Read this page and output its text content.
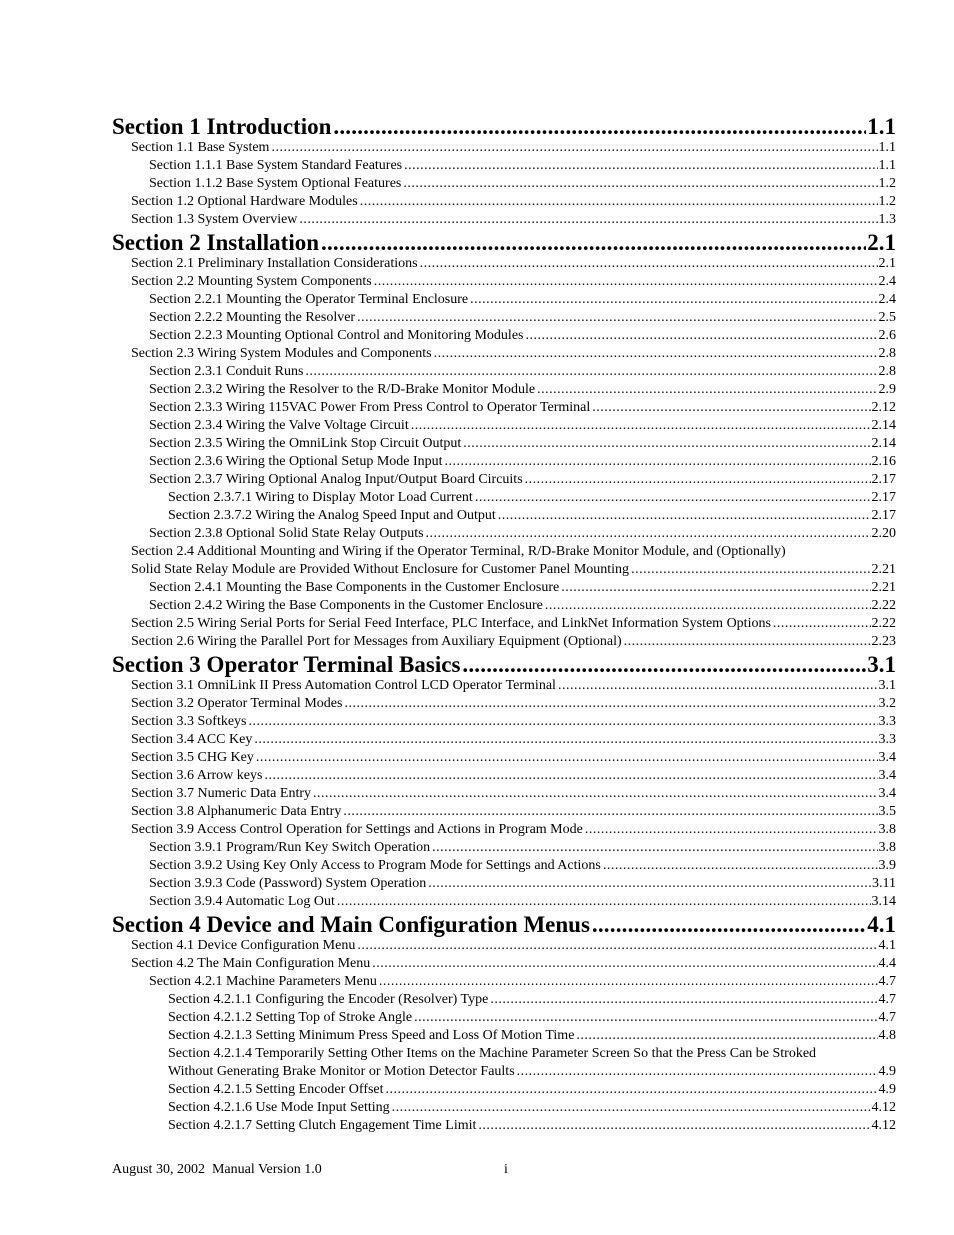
Section 1 Introduction .....	1.1
Section 1.1 Base System .....	1.1
Section 1.1.1 Base System Standard Features .....	1.1
Section 1.1.2 Base System Optional Features .....	1.2
Section 1.2 Optional Hardware Modules .....	1.2
Section 1.3 System Overview .....	1.3
Section 2 Installation .....	2.1
Section 2.1 Preliminary Installation Considerations .....	2.1
Section 2.2 Mounting System Components .....	2.4
Section 2.2.1 Mounting the Operator Terminal Enclosure .....	2.4
Section 2.2.2 Mounting the Resolver .....	2.5
Section 2.2.3 Mounting Optional Control and Monitoring Modules .....	2.6
Section 2.3 Wiring System Modules and Components .....	2.8
Section 2.3.1 Conduit Runs .....	2.8
Section 2.3.2 Wiring the Resolver to the R/D-Brake Monitor Module .....	2.9
Section 2.3.3 Wiring 115VAC Power From Press Control to Operator Terminal .....	2.12
Section 2.3.4 Wiring the Valve Voltage Circuit .....	2.14
Section 2.3.5 Wiring the OmniLink Stop Circuit Output .....	2.14
Section 2.3.6 Wiring the Optional Setup Mode Input .....	2.16
Section 2.3.7 Wiring Optional Analog Input/Output Board Circuits .....	2.17
Section 2.3.7.1 Wiring to Display Motor Load Current .....	2.17
Section 2.3.7.2 Wiring the Analog Speed Input and Output .....	2.17
Section 2.3.8 Optional Solid State Relay Outputs .....	2.20
Section 2.4 Additional Mounting and Wiring if the Operator Terminal, R/D-Brake Monitor Module, and (Optionally)
Solid State Relay Module are Provided Without Enclosure for Customer Panel Mounting .....	2.21
Section 2.4.1 Mounting the Base Components in the Customer Enclosure .....	2.21
Section 2.4.2 Wiring the Base Components in the Customer Enclosure .....	2.22
Section 2.5 Wiring Serial Ports for Serial Feed Interface, PLC Interface, and LinkNet Information System Options .....	2.22
Section 2.6 Wiring the Parallel Port for Messages from Auxiliary Equipment (Optional) .....	2.23
Section 3 Operator Terminal Basics .....	3.1
Section 3.1 OmniLink II Press Automation Control LCD Operator Terminal .....	3.1
Section 3.2 Operator Terminal Modes .....	3.2
Section 3.3 Softkeys .....	3.3
Section 3.4 ACC Key .....	3.3
Section 3.5 CHG Key .....	3.4
Section 3.6 Arrow keys .....	3.4
Section 3.7 Numeric Data Entry .....	3.4
Section 3.8 Alphanumeric Data Entry .....	3.5
Section 3.9 Access Control Operation for Settings and Actions in Program Mode .....	3.8
Section 3.9.1 Program/Run Key Switch Operation .....	3.8
Section 3.9.2 Using Key Only Access to Program Mode for Settings and Actions .....	3.9
Section 3.9.3 Code (Password) System Operation .....	3.11
Section 3.9.4 Automatic Log Out .....	3.14
Section 4 Device and Main Configuration Menus .....	4.1
Section 4.1 Device Configuration Menu .....	4.1
Section 4.2 The Main Configuration Menu .....	4.4
Section 4.2.1 Machine Parameters Menu .....	4.7
Section 4.2.1.1 Configuring the Encoder (Resolver) Type .....	4.7
Section 4.2.1.2 Setting Top of Stroke Angle .....	4.7
Section 4.2.1.3 Setting Minimum Press Speed and Loss Of Motion Time .....	4.8
Section 4.2.1.4 Temporarily Setting Other Items on the Machine Parameter Screen So that the Press Can be Stroked
Without Generating Brake Monitor or Motion Detector Faults .....	4.9
Section 4.2.1.5 Setting Encoder Offset .....	4.9
Section 4.2.1.6 Use Mode Input Setting .....	4.12
Section 4.2.1.7 Setting Clutch Engagement Time Limit .....	4.12
August 30, 2002  Manual Version 1.0	i
